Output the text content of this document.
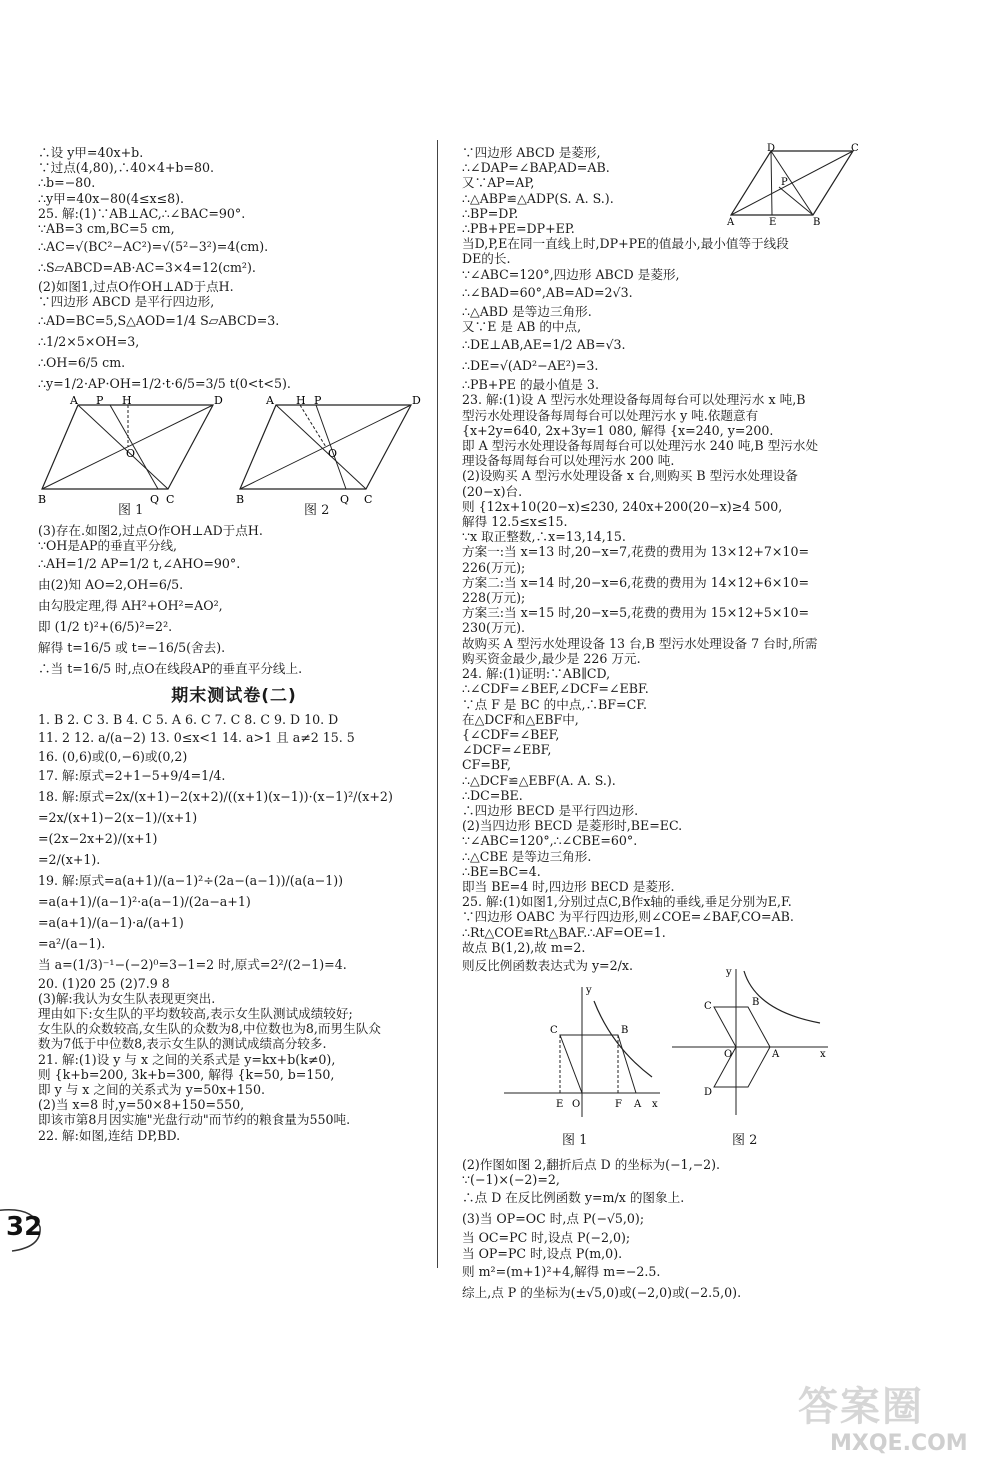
∴设 y甲=40x+b.
∵过点(4,80),∴40×4+b=80.
∴b=−80.
∴y甲=40x−80(4≤x≤8).
25. 解:(1)∵AB⊥AC,∴∠BAC=90°.
∵AB=3 cm,BC=5 cm,
∴AC=√(BC²−AC²)=√(5²−3²)=4(cm).
∴S▱ABCD=AB·AC=3×4=12(cm²).
(2)如图1,过点O作OH⊥AD于点H.
∵四边形 ABCD 是平行四边形,
∴AD=BC=5,S△AOD=1/4 S▱ABCD=3.
∴1/2×5×OH=3,
∴OH=6/5 cm.
∴y=1/2·AP·OH=1/2·t·6/5=3/5 t(0<t<5).
A P H	D
O
B	Q C
A H P	D
O
B	Q C
图 1	图 2
(3)存在.如图2,过点O作OH⊥AD于点H.
∵OH是AP的垂直平分线,
∴AH=1/2 AP=1/2 t,∠AHO=90°.
由(2)知 AO=2,OH=6/5.
由勾股定理,得 AH²+OH²=AO²,
即 (1/2 t)²+(6/5)²=2².
解得 t=16/5 或 t=−16/5(舍去).
∴当 t=16/5 时,点O在线段AP的垂直平分线上.
期末测试卷(二)
1. B 2. C 3. B 4. C 5. A 6. C 7. C 8. C 9. D 10. D
11. 2 12. a/(a−2) 13. 0≤x<1 14. a>1 且 a≠2 15. 5
16. (0,6)或(0,−6)或(0,2)
17. 解:原式=2+1−5+9/4=1/4.
18. 解:原式=2x/(x+1)−2(x+2)/((x+1)(x−1))·(x−1)²/(x+2)
=2x/(x+1)−2(x−1)/(x+1)
=(2x−2x+2)/(x+1)
=2/(x+1).
19. 解:原式=a(a+1)/(a−1)²÷(2a−(a−1))/(a(a−1))
=a(a+1)/(a−1)²·a(a−1)/(2a−a+1)
=a(a+1)/(a−1)·a/(a+1)
=a²/(a−1).
当 a=(1/3)⁻¹−(−2)⁰=3−1=2 时,原式=2²/(2−1)=4.
20. (1)20 25 (2)7.9 8
(3)解:我认为女生队表现更突出.
理由如下:女生队的平均数较高,表示女生队测试成绩较好;
女生队的众数较高,女生队的众数为8,中位数也为8,而男生队众
数为7低于中位数8,表示女生队的测试成绩高分较多.
21. 解:(1)设 y 与 x 之间的关系式是 y=kx+b(k≠0),
则 {k+b=200, 3k+b=300, 解得 {k=50, b=150,
即 y 与 x 之间的关系式为 y=50x+150.
(2)当 x=8 时,y=50×8+150=550,
即该市第8月因实施"光盘行动"而节约的粮食量为550吨.
22. 解:如图,连结 DP,BD.
D	C
P
A	E	B
∵四边形 ABCD 是菱形,
∴∠DAP=∠BAP,AD=AB.
又∵AP=AP,
∴△ABP≌△ADP(S. A. S.).
∴BP=DP.
∴PB+PE=DP+EP.
当D,P,E在同一直线上时,DP+PE的值最小,最小值等于线段
DE的长.
∵∠ABC=120°,四边形 ABCD 是菱形,
∴∠BAD=60°,AB=AD=2√3.
∴△ABD 是等边三角形.
又∵E 是 AB 的中点,
∴DE⊥AB,AE=1/2 AB=√3.
∴DE=√(AD²−AE²)=3.
∴PB+PE 的最小值是 3.
23. 解:(1)设 A 型污水处理设备每周每台可以处理污水 x 吨,B
型污水处理设备每周每台可以处理污水 y 吨.依题意有
{x+2y=640, 2x+3y=1 080, 解得 {x=240, y=200.
即 A 型污水处理设备每周每台可以处理污水 240 吨,B 型污水处
理设备每周每台可以处理污水 200 吨.
(2)设购买 A 型污水处理设备 x 台,则购买 B 型污水处理设备
(20−x)台.
则 {12x+10(20−x)≤230, 240x+200(20−x)≥4 500,
解得 12.5≤x≤15.
∵x 取正整数,∴x=13,14,15.
方案一:当 x=13 时,20−x=7,花费的费用为 13×12+7×10=
226(万元);
方案二:当 x=14 时,20−x=6,花费的费用为 14×12+6×10=
228(万元);
方案三:当 x=15 时,20−x=5,花费的费用为 15×12+5×10=
230(万元).
故购买 A 型污水处理设备 13 台,B 型污水处理设备 7 台时,所需
购买资金最少,最少是 226 万元.
24. 解:(1)证明:∵AB∥CD,
∴∠CDF=∠BEF,∠DCF=∠EBF.
∵点 F 是 BC 的中点,∴BF=CF.
在△DCF和△EBF中,
{∠CDF=∠BEF,
∠DCF=∠EBF,
CF=BF,
∴△DCF≌△EBF(A. A. S.).
∴DC=BE.
∴四边形 BECD 是平行四边形.
(2)当四边形 BECD 是菱形时,BE=EC.
∵∠ABC=120°,∴∠CBE=60°.
∴△CBE 是等边三角形.
∴BE=BC=4.
即当 BE=4 时,四边形 BECD 是菱形.
25. 解:(1)如图1,分别过点C,B作x轴的垂线,垂足分别为E,F.
∵四边形 OABC 为平行四边形,则∠COE=∠BAF,CO=AB.
∴Rt△COE≌Rt△BAF.∴AF=OE=1.
故点 B(1,2),故 m=2.
则反比例函数表达式为 y=2/x.
y
C	B
E O	F A x
y
C	B
O	A	x
D
图 1	图 2
(2)作图如图 2,翻折后点 D 的坐标为(−1,−2).
∵(−1)×(−2)=2,
∴点 D 在反比例函数 y=m/x 的图象上.
(3)当 OP=OC 时,点 P(−√5,0);
当 OC=PC 时,设点 P(−2,0);
当 OP=PC 时,设点 P(m,0).
则 m²=(m+1)²+4,解得 m=−2.5.
综上,点 P 的坐标为(±√5,0)或(−2,0)或(−2.5,0).
32
答案圈
MXQE.COM
